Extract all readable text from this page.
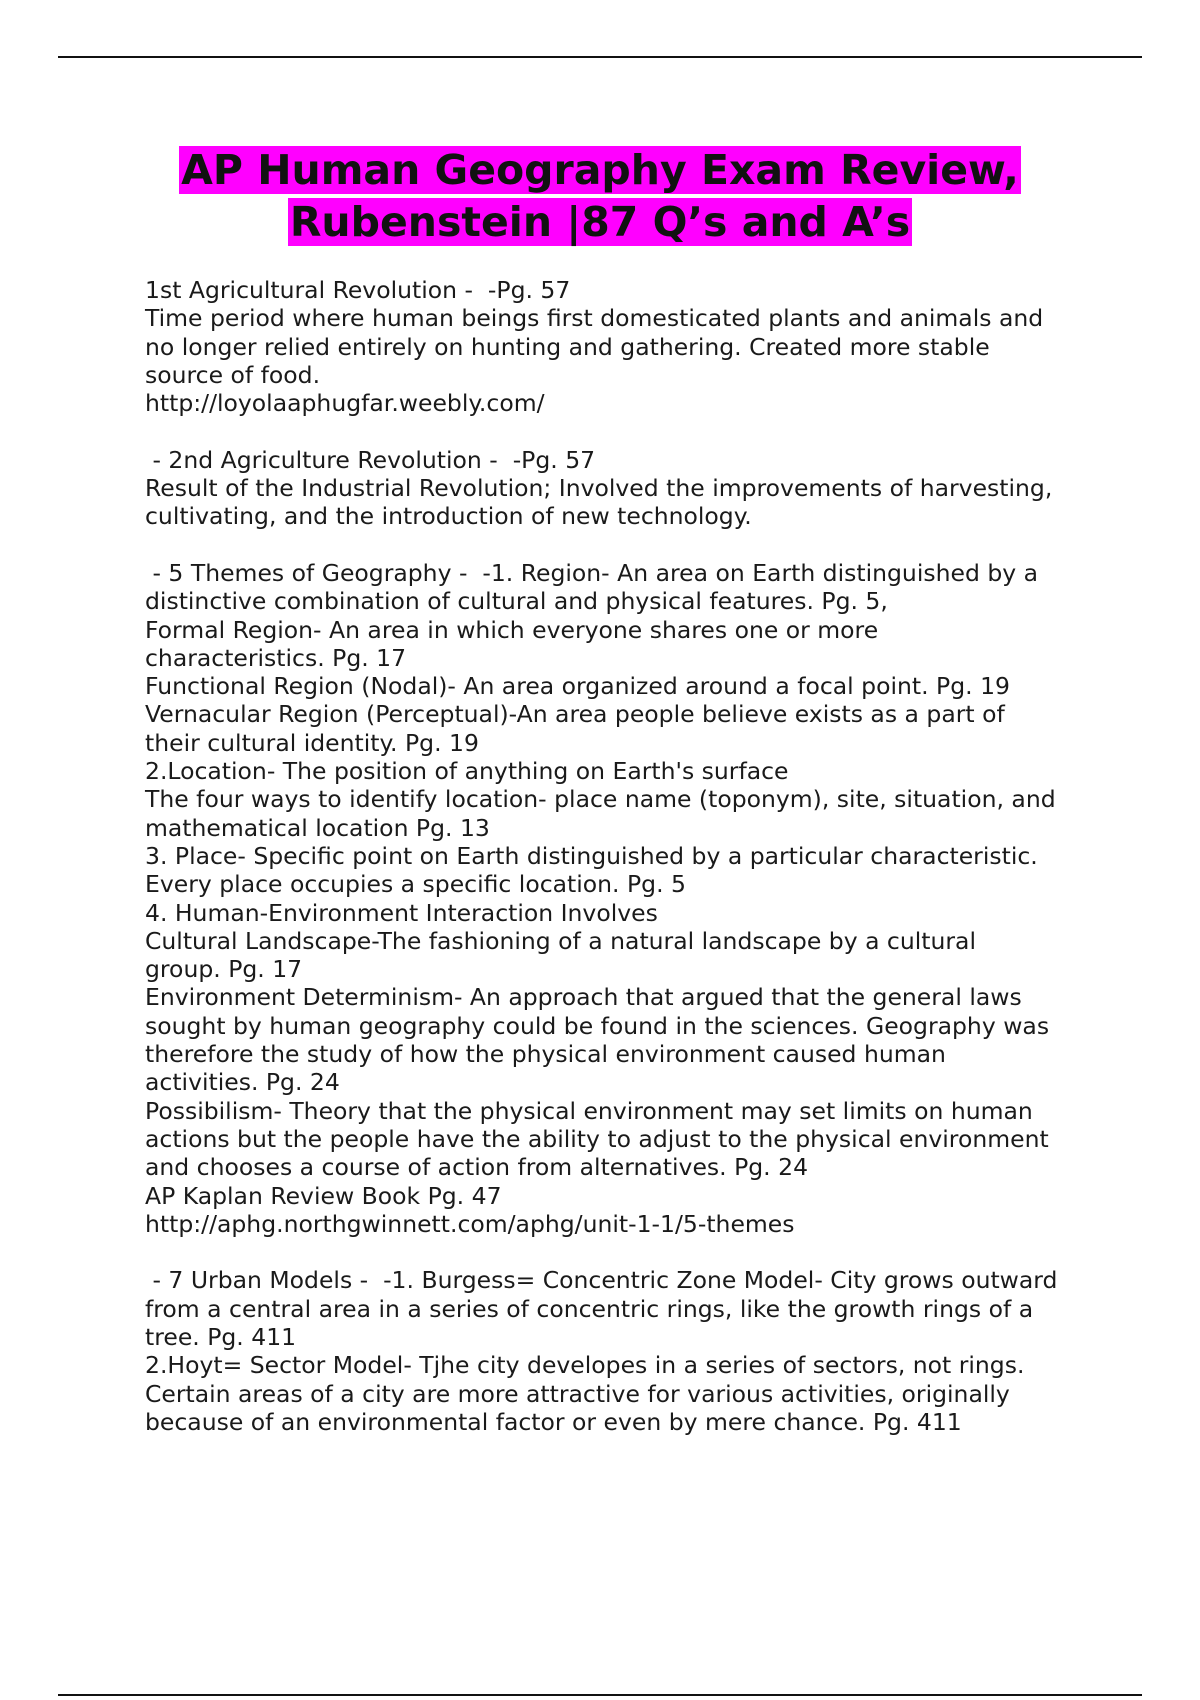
AP Human Geography Exam Review,
Rubenstein |87 Q’s and A’s
1st Agricultural Revolution -  -Pg. 57
Time period where human beings first domesticated plants and animals and
no longer relied entirely on hunting and gathering. Created more stable
source of food.
http://loyolaaphugfar.weebly.com/
- 2nd Agriculture Revolution -  -Pg. 57
Result of the Industrial Revolution; Involved the improvements of harvesting,
cultivating, and the introduction of new technology.
- 5 Themes of Geography -  -1. Region- An area on Earth distinguished by a
distinctive combination of cultural and physical features. Pg. 5,
Formal Region- An area in which everyone shares one or more
characteristics. Pg. 17
Functional Region (Nodal)- An area organized around a focal point. Pg. 19
Vernacular Region (Perceptual)-An area people believe exists as a part of
their cultural identity. Pg. 19
2.Location- The position of anything on Earth's surface
The four ways to identify location- place name (toponym), site, situation, and
mathematical location Pg. 13
3. Place- Specific point on Earth distinguished by a particular characteristic.
Every place occupies a specific location. Pg. 5
4. Human-Environment Interaction Involves
Cultural Landscape-The fashioning of a natural landscape by a cultural
group. Pg. 17
Environment Determinism- An approach that argued that the general laws
sought by human geography could be found in the sciences. Geography was
therefore the study of how the physical environment caused human
activities. Pg. 24
Possibilism- Theory that the physical environment may set limits on human
actions but the people have the ability to adjust to the physical environment
and chooses a course of action from alternatives. Pg. 24
AP Kaplan Review Book Pg. 47
http://aphg.northgwinnett.com/aphg/unit-1-1/5-themes
- 7 Urban Models -  -1. Burgess= Concentric Zone Model- City grows outward
from a central area in a series of concentric rings, like the growth rings of a
tree. Pg. 411
2.Hoyt= Sector Model- Tjhe city developes in a series of sectors, not rings.
Certain areas of a city are more attractive for various activities, originally
because of an environmental factor or even by mere chance. Pg. 411
